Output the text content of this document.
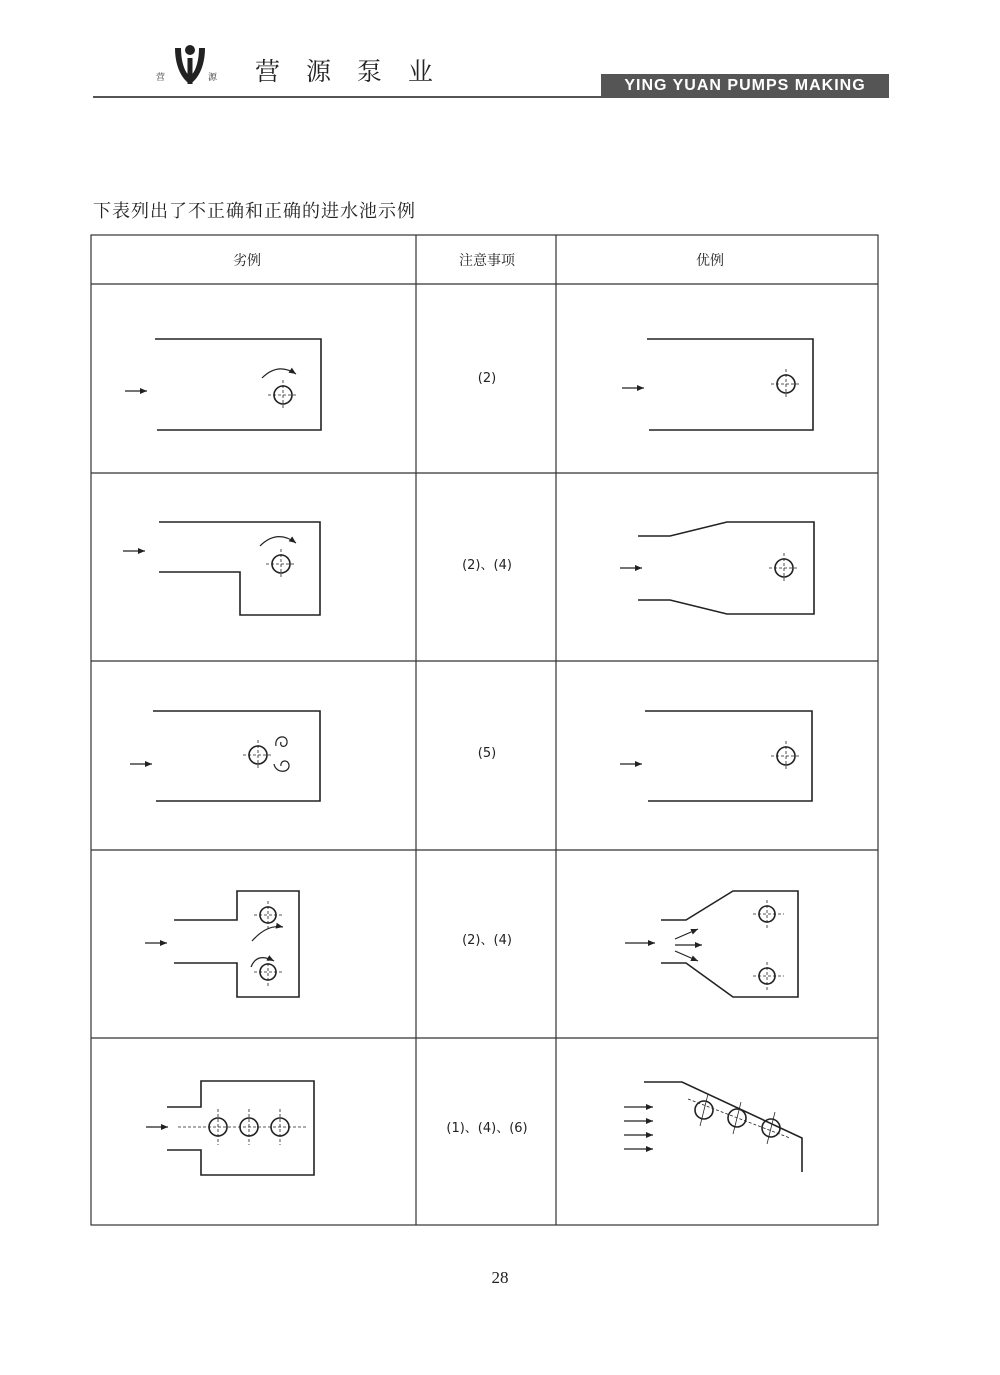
营	源 营 源 泵 业	YING YUAN PUMPS MAKING
下表列出了不正确和正确的进水池示例
劣例	注意事项	优例
(2)
(2)、(4)
(5)
(2)、(4)
(1)、(4)、(6)
28
